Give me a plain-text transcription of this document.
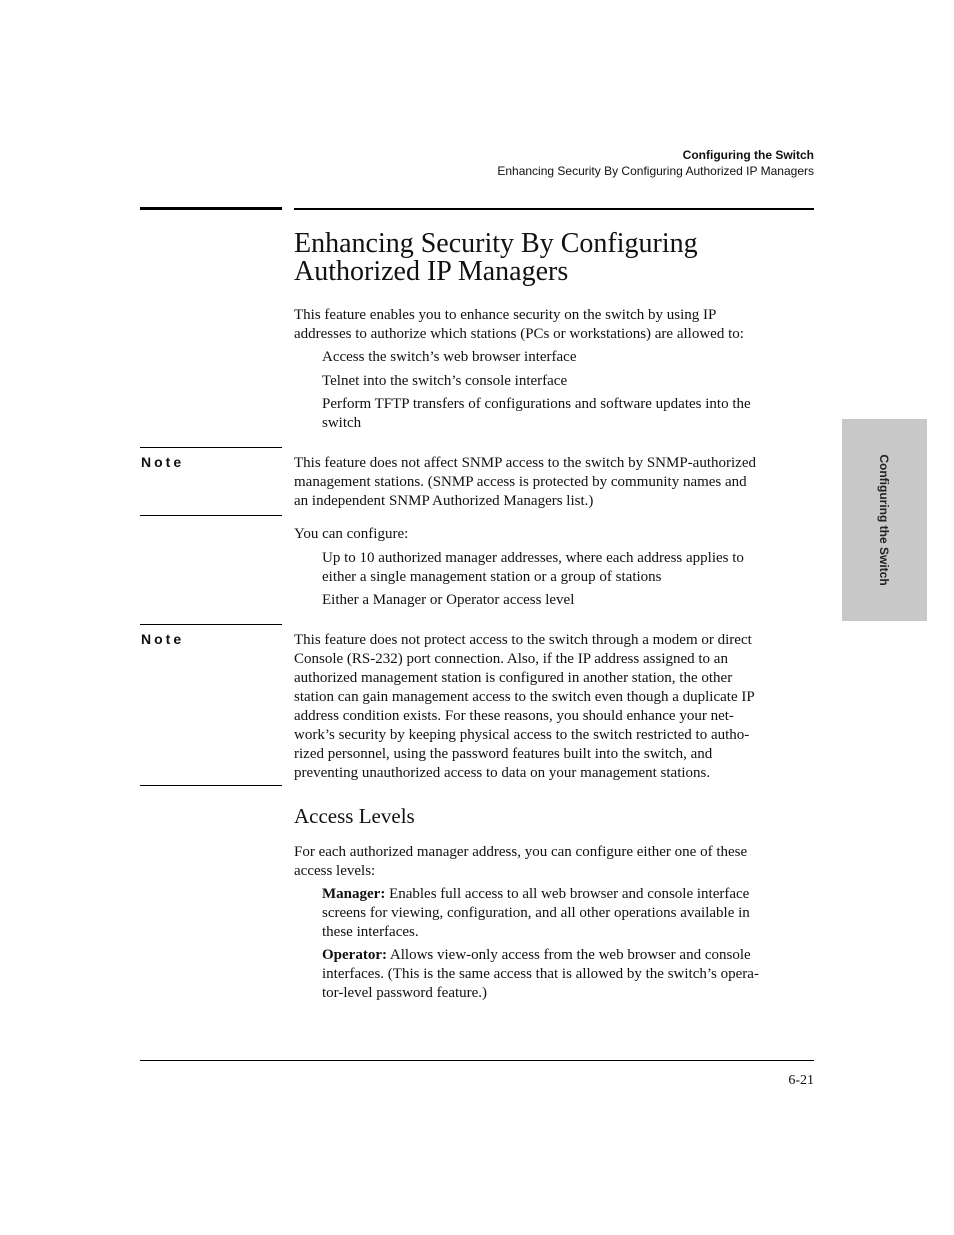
Configuring the Switch
Enhancing Security By Configuring Authorized IP Managers
Enhancing Security By Configuring
Authorized IP Managers
This feature enables you to enhance security on the switch by using IP
addresses to authorize which stations (PCs or workstations) are allowed to:
Access the switch’s web browser interface
Telnet into the switch’s console interface
Perform TFTP transfers of configurations and software updates into the
switch
Note	This feature does not affect SNMP access to the switch by SNMP-authorized
management stations. (SNMP access is protected by community names and
an independent SNMP Authorized Managers list.)
You can configure:
Up to 10 authorized manager addresses, where each address applies to
either a single management station or a group of stations
Either a Manager or Operator access level
Note	This feature does not protect access to the switch through a modem or direct
Console (RS-232) port connection. Also, if the IP address assigned to an
authorized management station is configured in another station, the other
station can gain management access to the switch even though a duplicate IP
address condition exists. For these reasons, you should enhance your net-
work’s security by keeping physical access to the switch restricted to autho-
rized personnel, using the password features built into the switch, and
preventing unauthorized access to data on your management stations.
Access Levels
For each authorized manager address, you can configure either one of these
access levels:
Manager: Enables full access to all web browser and console interface
screens for viewing, configuration, and all other operations available in
these interfaces.
Operator: Allows view-only access from the web browser and console
interfaces. (This is the same access that is allowed by the switch’s opera-
tor-level password feature.)
Configuring the Switch
6-21
